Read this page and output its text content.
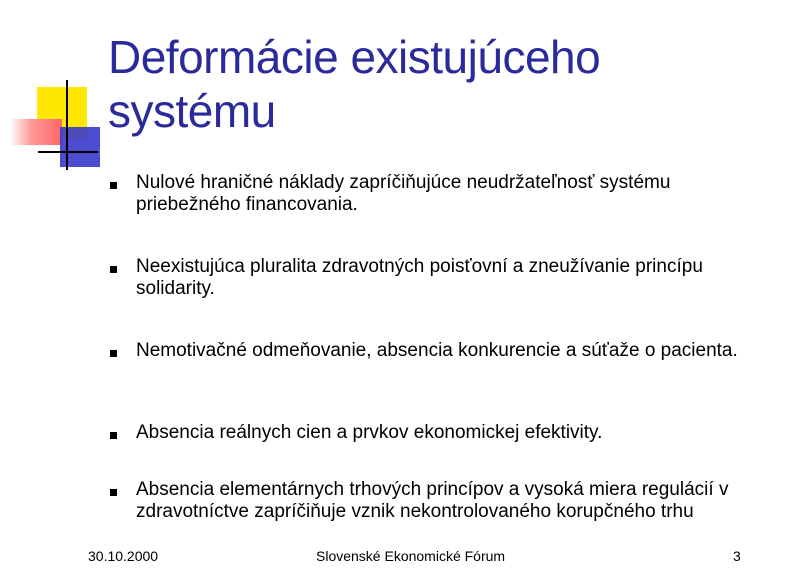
Deformácie existujúceho systému
Nulové hraničné náklady zapríčiňujúce neudržateľnosť systému priebežného financovania.
Neexistujúca pluralita zdravotných poisťovní a zneužívanie princípu solidarity.
Nemotivačné odmeňovanie, absencia konkurencie a súťaže o pacienta.
Absencia reálnych cien a prvkov ekonomickej efektivity.
Absencia elementárnych trhových princípov a vysoká miera regulácií v zdravotníctve zapríčiňuje vznik nekontrolovaného korupčného trhu
30.10.2000	Slovenské Ekonomické Fórum	3
